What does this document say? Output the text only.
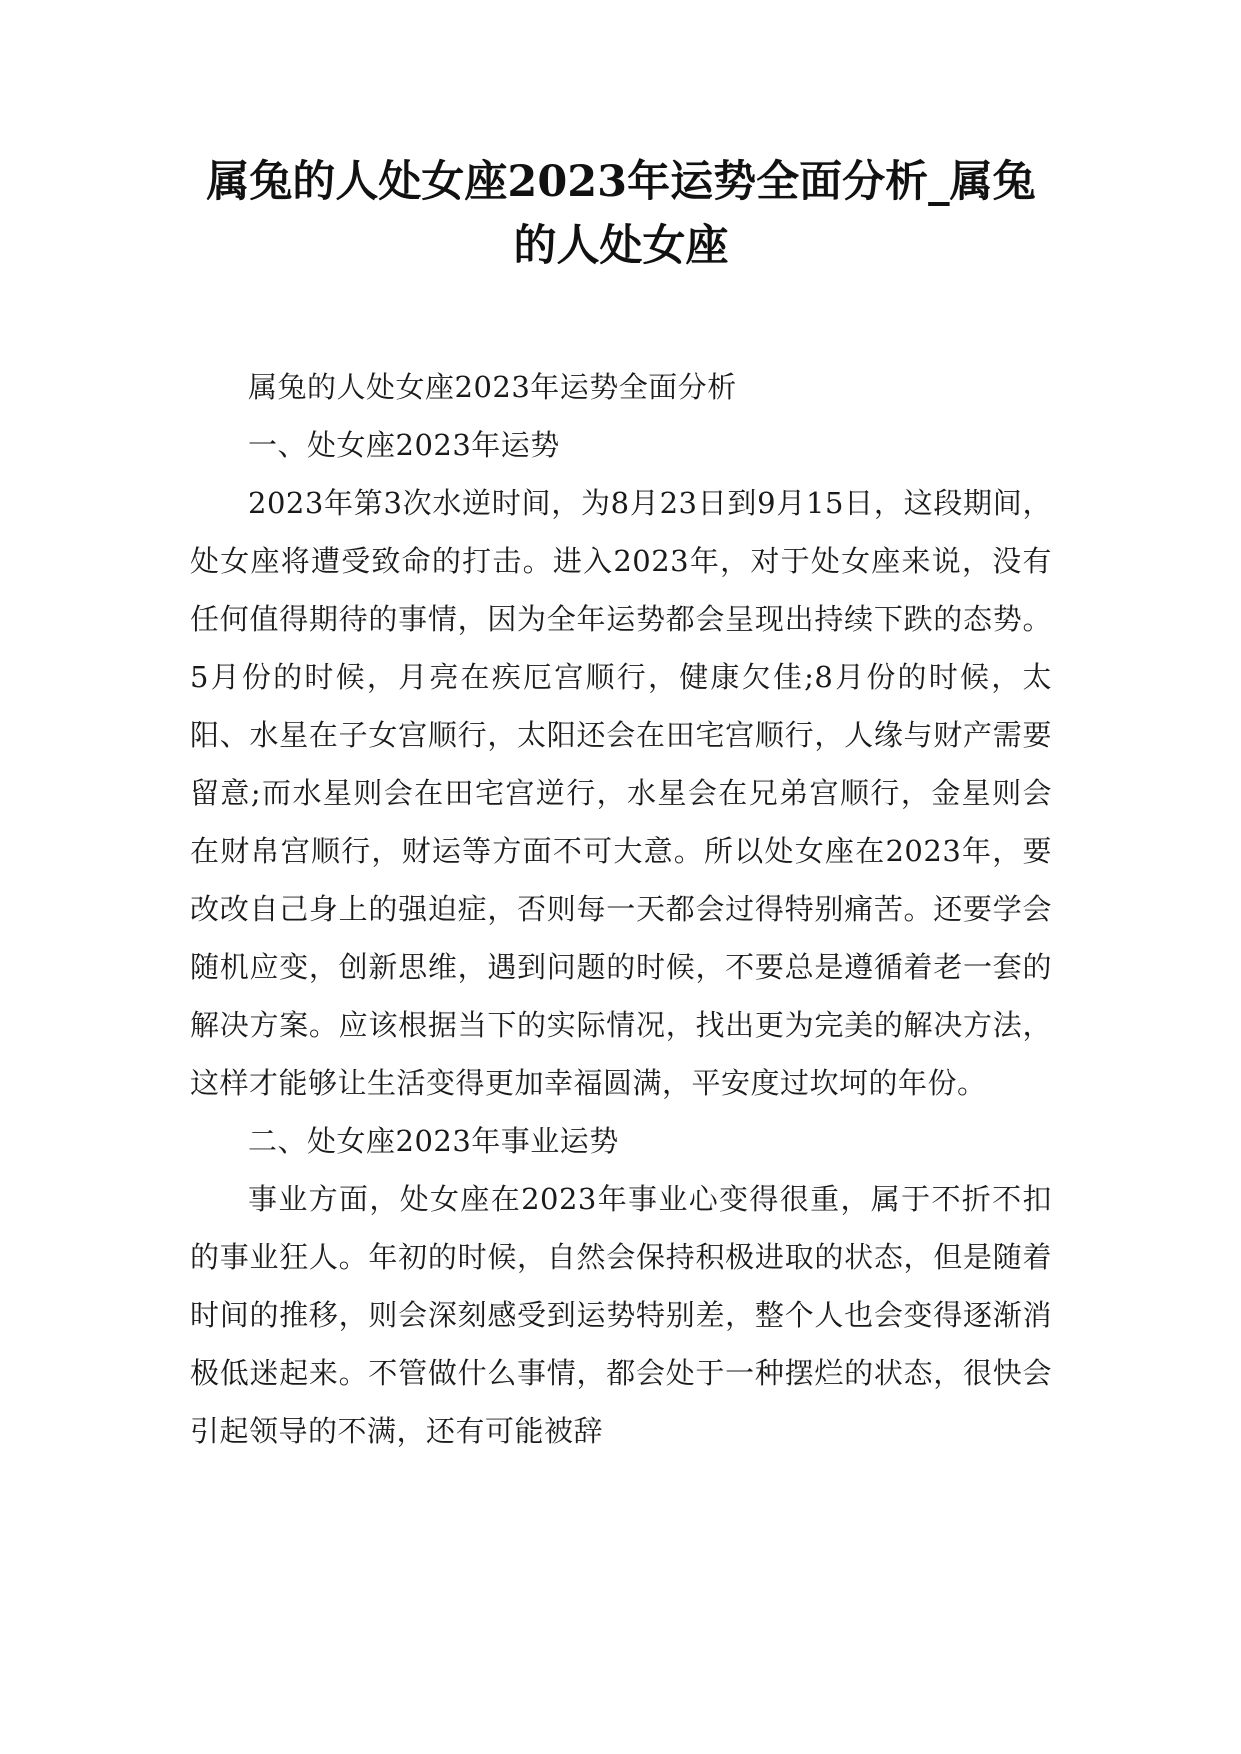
属兔的人处女座2023年运势全面分析_属兔的人处女座

属兔的人处女座2023年运势全面分析

一、处女座2023年运势

2023年第3次水逆时间，为8月23日到9月15日，这段期间，处女座将遭受致命的打击。进入2023年，对于处女座来说，没有任何值得期待的事情，因为全年运势都会呈现出持续下跌的态势。5月份的时候，月亮在疾厄宫顺行，健康欠佳;8月份的时候，太阳、水星在子女宫顺行，太阳还会在田宅宫顺行，人缘与财产需要留意;而水星则会在田宅宫逆行，水星会在兄弟宫顺行，金星则会在财帛宫顺行，财运等方面不可大意。所以处女座在2023年，要改改自己身上的强迫症，否则每一天都会过得特别痛苦。还要学会随机应变，创新思维，遇到问题的时候，不要总是遵循着老一套的解决方案。应该根据当下的实际情况，找出更为完美的解决方法，这样才能够让生活变得更加幸福圆满，平安度过坎坷的年份。

二、处女座2023年事业运势

事业方面，处女座在2023年事业心变得很重，属于不折不扣的事业狂人。年初的时候，自然会保持积极进取的状态，但是随着时间的推移，则会深刻感受到运势特别差，整个人也会变得逐渐消极低迷起来。不管做什么事情，都会处于一种摆烂的状态，很快会引起领导的不满，还有可能被辞
